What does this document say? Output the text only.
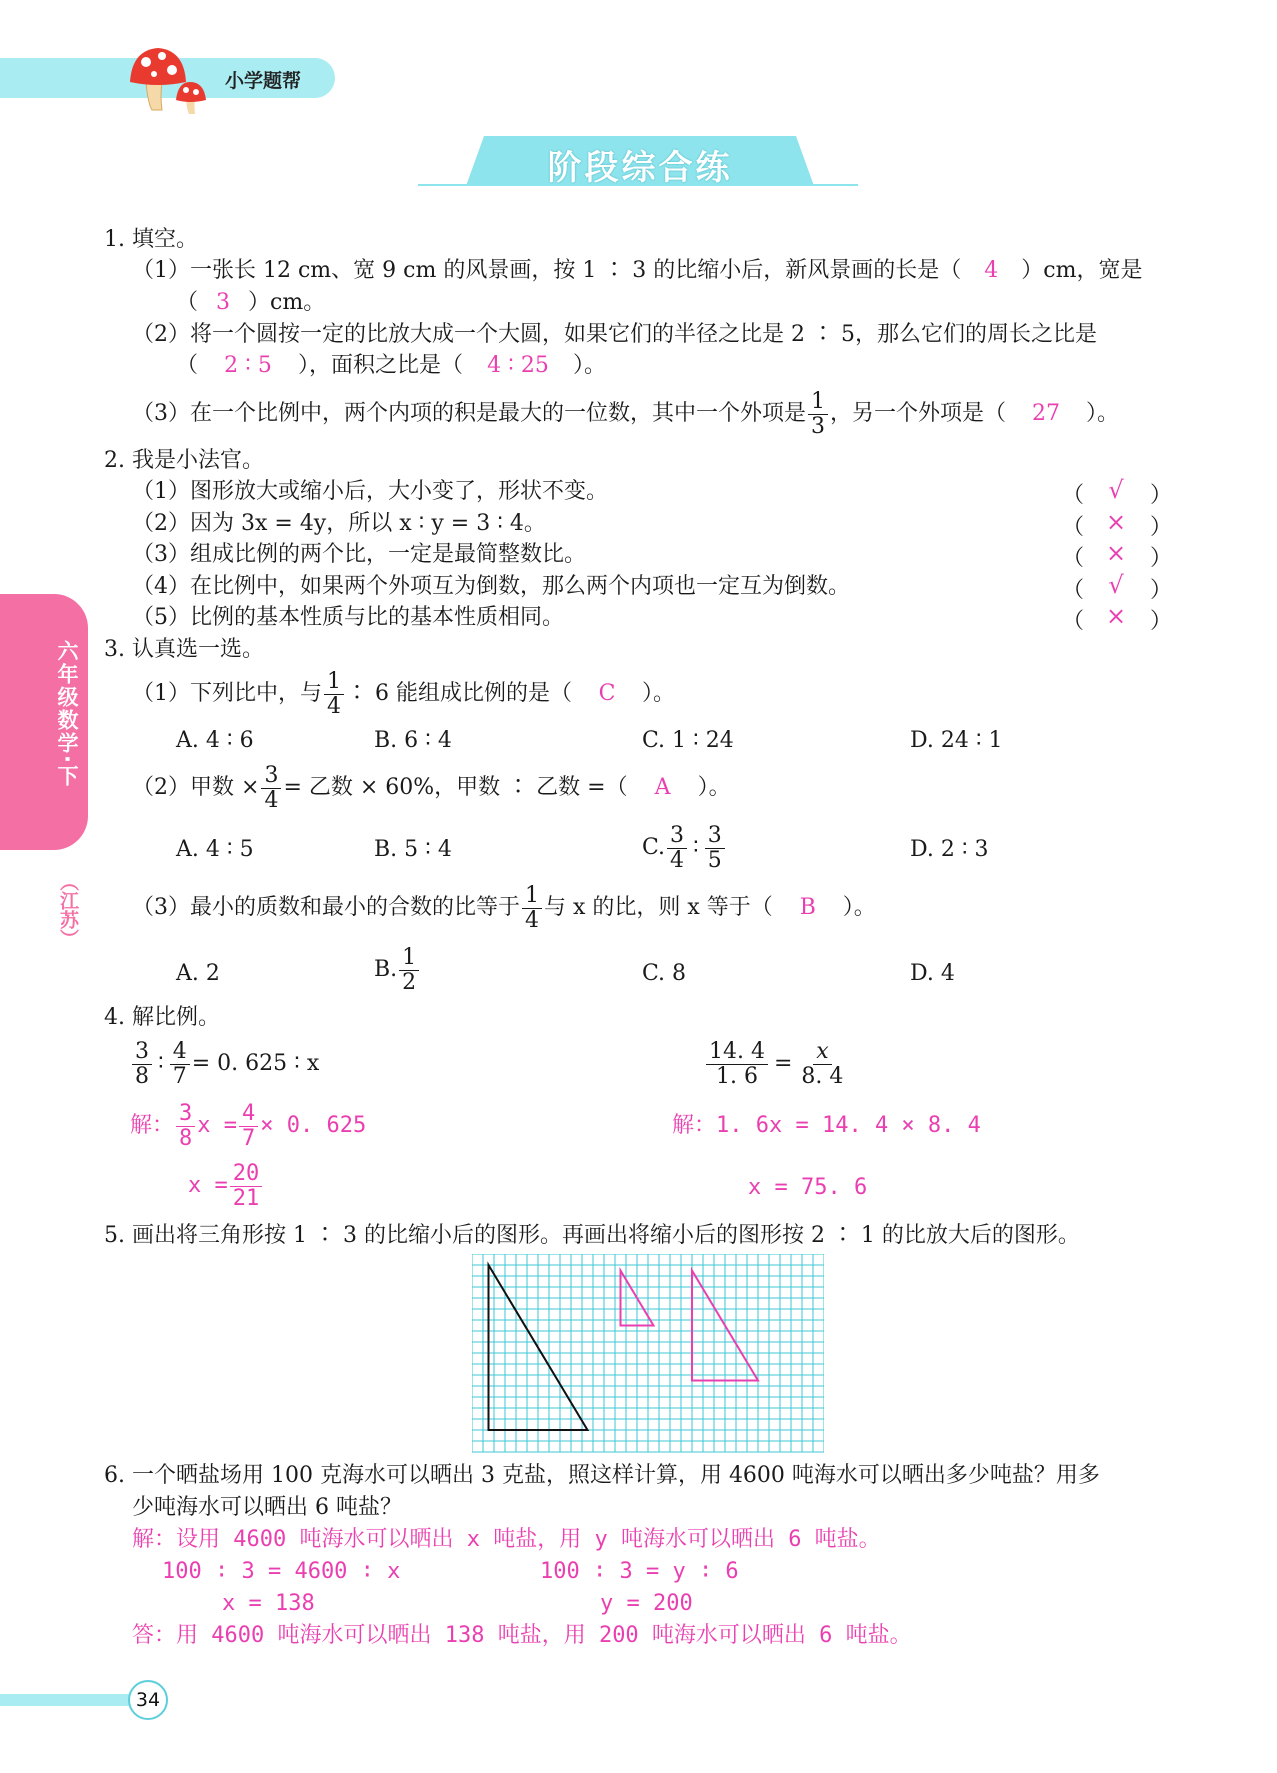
小学题帮
阶段综合练
六年级数学·下
（江苏）
1. 填空。
（1）一张长 12 cm、宽 9 cm 的风景画，按 1 ∶ 3 的比缩小后，新风景画的长是（ 4 ）cm，宽是
（ 3 ）cm。
（2）将一个圆按一定的比放大成一个大圆，如果它们的半径之比是 2 ∶ 5，那么它们的周长之比是
（ 2 ∶ 5 ），面积之比是（ 4 ∶ 25 ）。
（3）在一个比例中，两个内项的积是最大的一位数，其中一个外项是 $\frac{1}{3}$ ，另一个外项是（ 27 ）。
2. 我是小法官。
（1）图形放大或缩小后，大小变了，形状不变。	（	√	）
（2）因为 3x = 4y，所以 x ∶ y = 3 ∶ 4。	（ ×	）
（3）组成比例的两个比，一定是最简整数比。	（ ×	）
（4）在比例中，如果两个外项互为倒数，那么两个内项也一定互为倒数。	（	√	）
（5）比例的基本性质与比的基本性质相同。	（ ×	）
3. 认真选一选。
（1）下列比中，与 $\frac{1}{4}$ ∶ 6 能组成比例的是（ C ）。
A. 4 ∶ 6	B. 6 ∶ 4	C. 1 ∶ 24	D. 24 ∶ 1
（2）甲数 × $\frac{3}{4}$ = 乙数 × 60%，甲数 ∶ 乙数 =（ A ）。
A. 4 ∶ 5	B. 5 ∶ 4	C. $\frac{3}{4}$ ∶ $\frac{3}{5}$	D. 2 ∶ 3
（3）最小的质数和最小的合数的比等于 $\frac{1}{4}$ 与 x 的比，则 x 等于（ B ）。
A. 2	B. $\frac{1}{2}$	C. 8	D. 4
4. 解比例。
$\frac{3}{8}$ ∶ $\frac{4}{7} = 0$. 625 ∶ x
解： $\frac{3}{8}$ $x = \frac{4}{7} \times 0$. 625
$x = \frac{20}{21}$
$\frac{14. 4}{1. 6} = \frac{x}{8. 4}$
解：1. 6x = 14. 4 × 8. 4
x = 75. 6
5. 画出将三角形按 1 ∶ 3 的比缩小后的图形。再画出将缩小后的图形按 2 ∶ 1 的比放大后的图形。
6. 一个晒盐场用 100 克海水可以晒出 3 克盐，照这样计算，用 4600 吨海水可以晒出多少吨盐？用多
少吨海水可以晒出 6 吨盐？
解：设用 4600 吨海水可以晒出 x 吨盐，用 y 吨海水可以晒出 6 吨盐。
100 ∶ 3 = 4600 ∶ x	100 ∶ 3 = y ∶ 6
x = 138	y = 200
答：用 4600 吨海水可以晒出 138 吨盐，用 200 吨海水可以晒出 6 吨盐。
34
